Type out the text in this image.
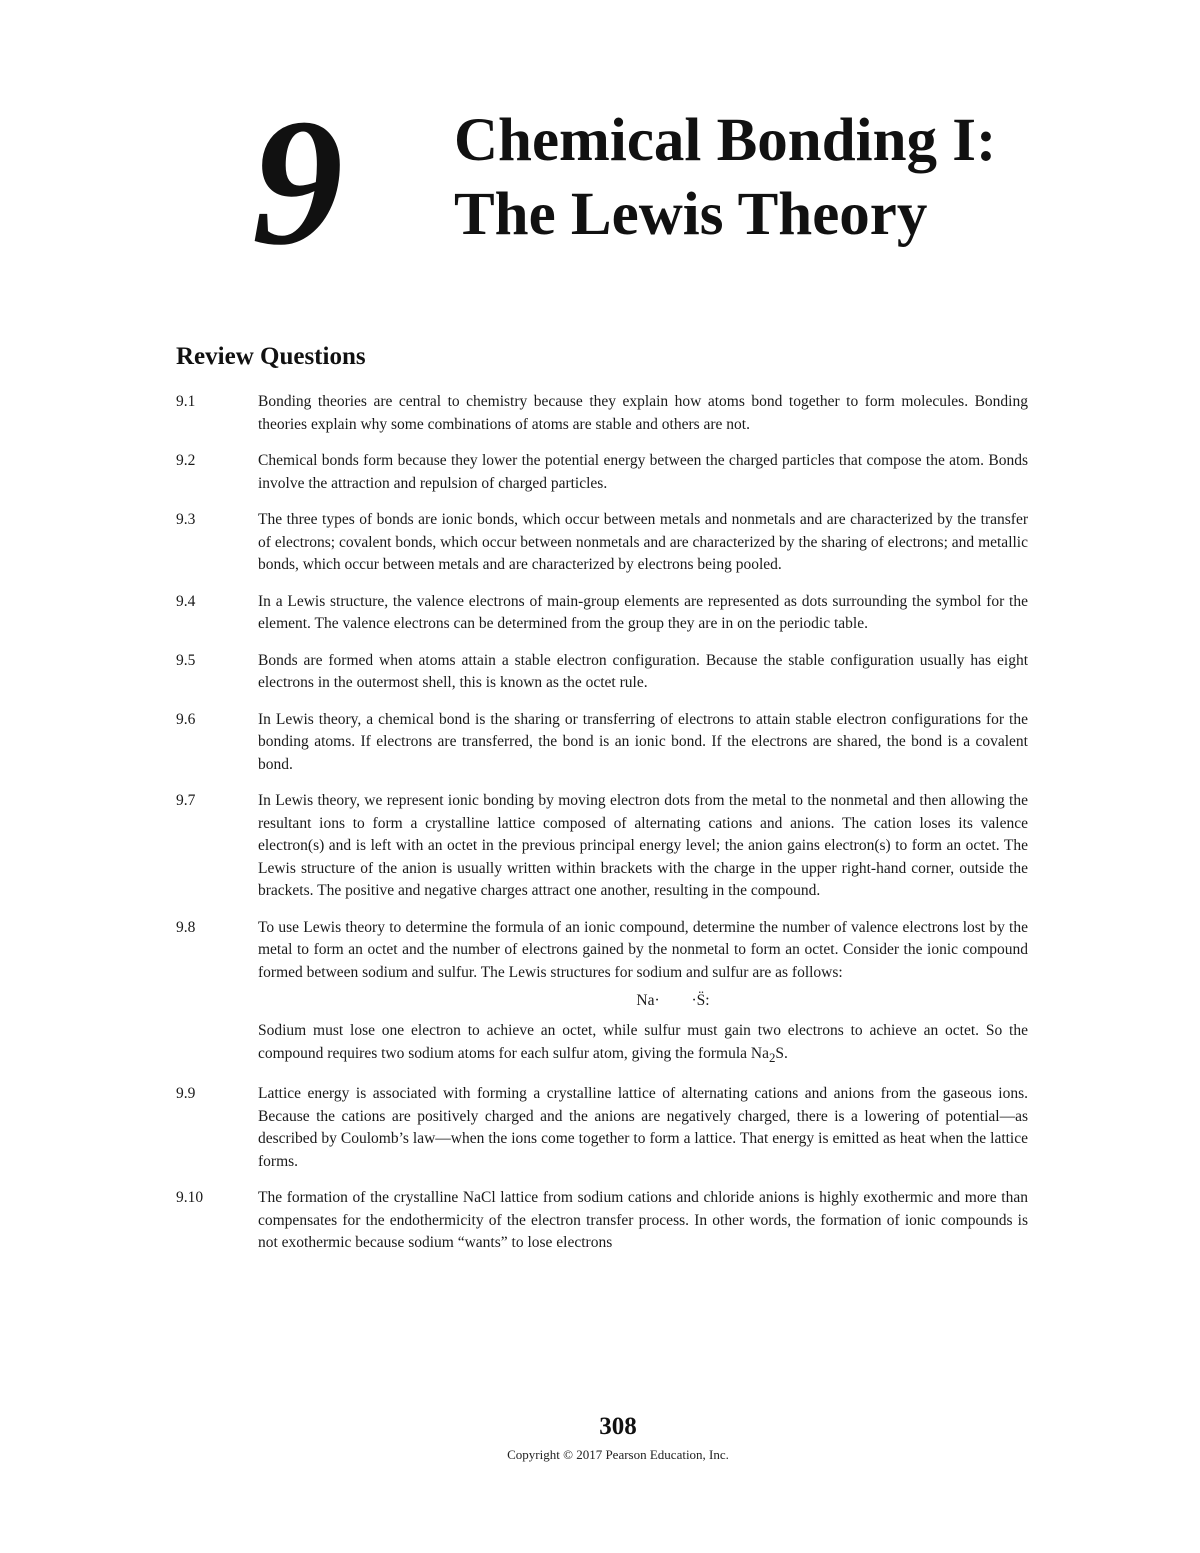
9 Chemical Bonding I:
The Lewis Theory
Review Questions
9.1	Bonding theories are central to chemistry because they explain how atoms bond together to form molecules. Bonding theories explain why some combinations of atoms are stable and others are not.
9.2	Chemical bonds form because they lower the potential energy between the charged particles that compose the atom. Bonds involve the attraction and repulsion of charged particles.
9.3	The three types of bonds are ionic bonds, which occur between metals and nonmetals and are characterized by the transfer of electrons; covalent bonds, which occur between nonmetals and are characterized by the sharing of electrons; and metallic bonds, which occur between metals and are characterized by electrons being pooled.
9.4	In a Lewis structure, the valence electrons of main-group elements are represented as dots surrounding the symbol for the element. The valence electrons can be determined from the group they are in on the periodic table.
9.5	Bonds are formed when atoms attain a stable electron configuration. Because the stable configuration usually has eight electrons in the outermost shell, this is known as the octet rule.
9.6	In Lewis theory, a chemical bond is the sharing or transferring of electrons to attain stable electron configurations for the bonding atoms. If electrons are transferred, the bond is an ionic bond. If the electrons are shared, the bond is a covalent bond.
9.7	In Lewis theory, we represent ionic bonding by moving electron dots from the metal to the nonmetal and then allowing the resultant ions to form a crystalline lattice composed of alternating cations and anions. The cation loses its valence electron(s) and is left with an octet in the previous principal energy level; the anion gains electron(s) to form an octet. The Lewis structure of the anion is usually written within brackets with the charge in the upper right-hand corner, outside the brackets. The positive and negative charges attract one another, resulting in the compound.
9.8	To use Lewis theory to determine the formula of an ionic compound, determine the number of valence electrons lost by the metal to form an octet and the number of electrons gained by the nonmetal to form an octet. Consider the ionic compound formed between sodium and sulfur. The Lewis structures for sodium and sulfur are as follows:

Na· ·S̈:

Sodium must lose one electron to achieve an octet, while sulfur must gain two electrons to achieve an octet. So the compound requires two sodium atoms for each sulfur atom, giving the formula $Na_2S$.

9.9	Lattice energy is associated with forming a crystalline lattice of alternating cations and anions from the gaseous ions. Because the cations are positively charged and the anions are negatively charged, there is a lowering of potential—as described by Coulomb’s law—when the ions come together to form a lattice. That energy is emitted as heat when the lattice forms.
9.10	The formation of the crystalline NaCl lattice from sodium cations and chloride anions is highly exothermic and more than compensates for the endothermicity of the electron transfer process. In other words, the formation of ionic compounds is not exothermic because sodium “wants” to lose electrons
308
Copyright © 2017 Pearson Education, Inc.
